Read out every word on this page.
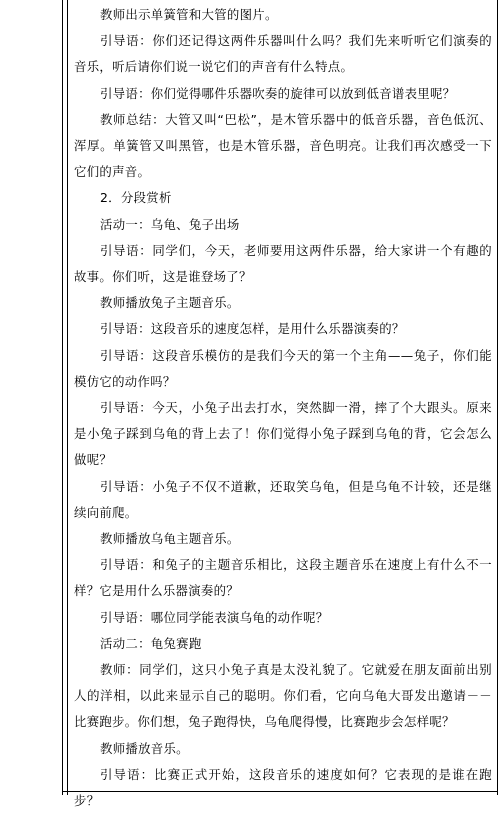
教师出示单簧管和大管的图片。

引导语：你们还记得这两件乐器叫什么吗？我们先来听听它们演奏的音乐，听后请你们说一说它们的声音有什么特点。

引导语：你们觉得哪件乐器吹奏的旋律可以放到低音谱表里呢？

教师总结：大管又叫“巴松”，是木管乐器中的低音乐器，音色低沉、浑厚。单簧管又叫黑管，也是木管乐器，音色明亮。让我们再次感受一下它们的声音。

2．分段赏析

活动一：乌龟、兔子出场

引导语：同学们，今天，老师要用这两件乐器，给大家讲一个有趣的故事。你们听，这是谁登场了？

教师播放兔子主题音乐。

引导语：这段音乐的速度怎样，是用什么乐器演奏的？

引导语：这段音乐模仿的是我们今天的第一个主角——兔子，你们能模仿它的动作吗？

引导语：今天，小兔子出去打水，突然脚一滑，摔了个大跟头。原来是小兔子踩到乌龟的背上去了！你们觉得小兔子踩到乌龟的背，它会怎么做呢？

引导语：小兔子不仅不道歉，还取笑乌龟，但是乌龟不计较，还是继续向前爬。

教师播放乌龟主题音乐。

引导语：和兔子的主题音乐相比，这段主题音乐在速度上有什么不一样？它是用什么乐器演奏的？

引导语：哪位同学能表演乌龟的动作呢？

活动二：龟兔赛跑

教师：同学们，这只小兔子真是太没礼貌了。它就爱在朋友面前出别人的洋相，以此来显示自己的聪明。你们看，它向乌龟大哥发出邀请－－比赛跑步。你们想，兔子跑得快，乌龟爬得慢，比赛跑步会怎样呢？

教师播放音乐。

引导语：比赛正式开始，这段音乐的速度如何？它表现的是谁在跑步？
